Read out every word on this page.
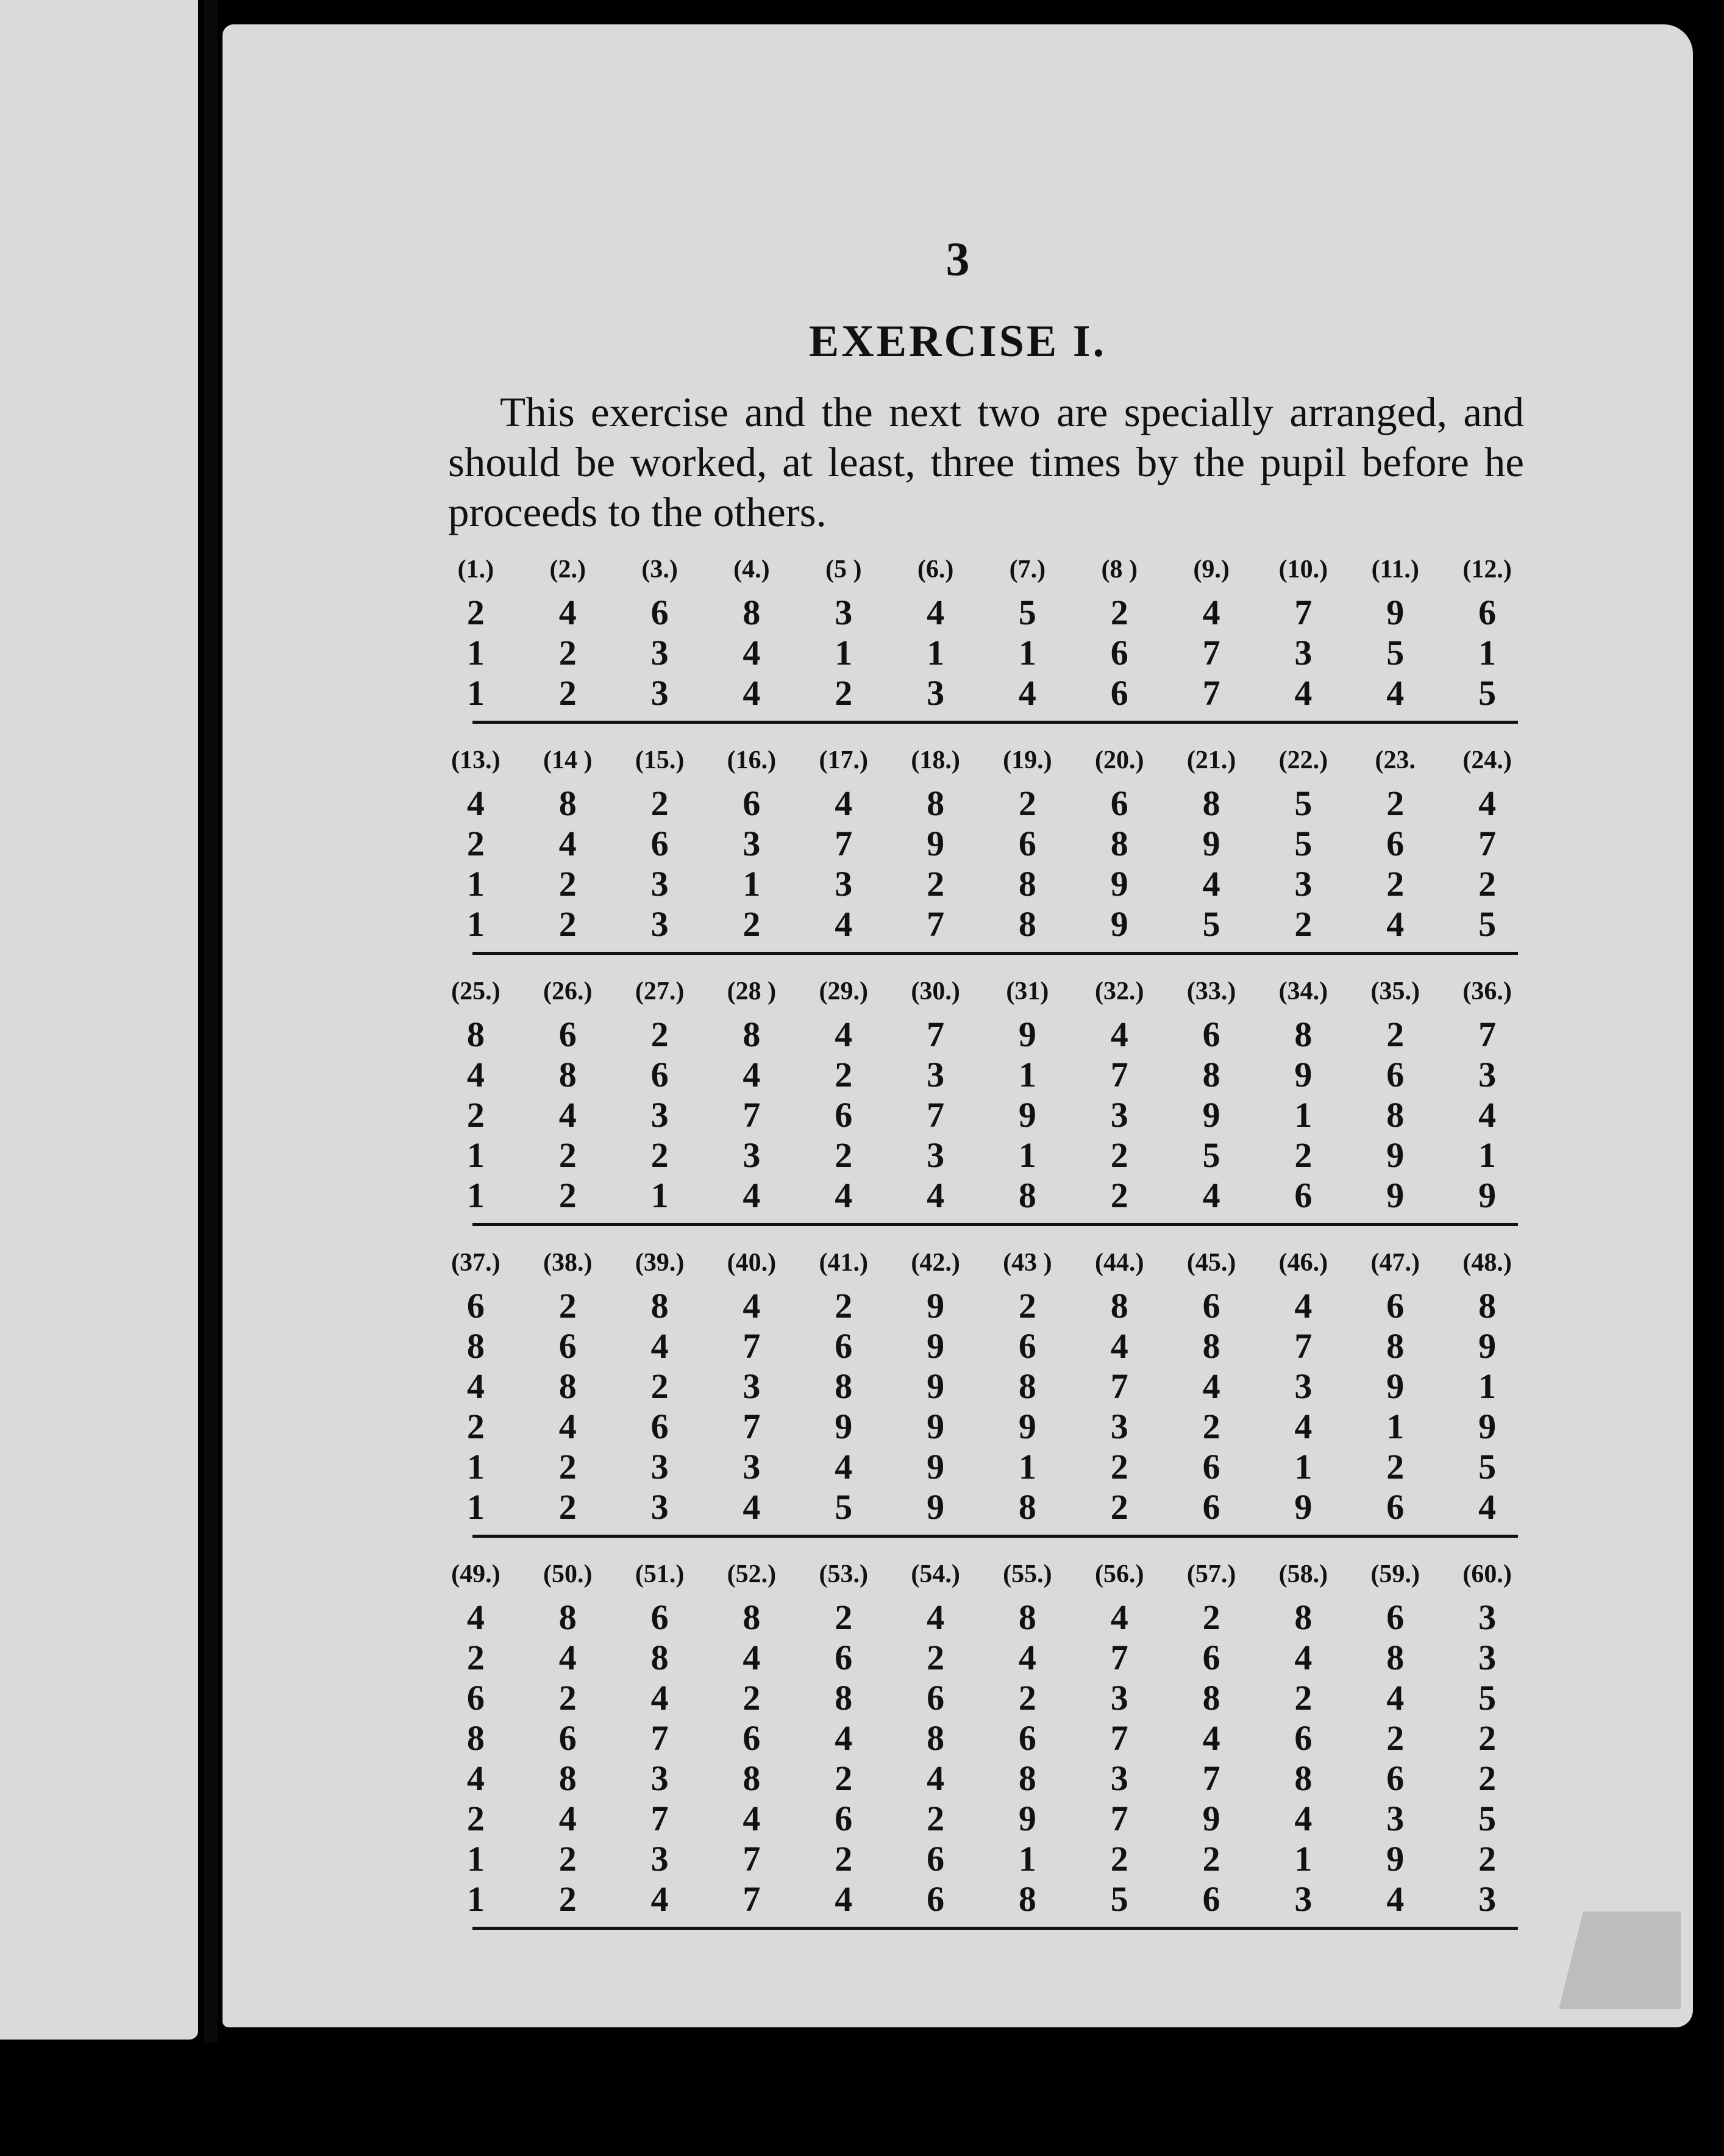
3
EXERCISE I.

This exercise and the next two are specially arranged, and should be worked, at least, three times by the pupil before he proceeds to the others.

(1.)	(2.)	(3.)	(4.)	(5 )	(6.)	(7.)	(8 )	(9.)	(10.)	(11.)	(12.)
2	4	6	8	3	4	5	2	4	7	9	6
1	2	3	4	1	1	1	6	7	3	5	1
1	2	3	4	2	3	4	6	7	4	4	5
(13.)	(14 )	(15.)	(16.)	(17.)	(18.)	(19.)	(20.)	(21.)	(22.)	(23.	(24.)
4	8	2	6	4	8	2	6	8	5	2	4
2	4	6	3	7	9	6	8	9	5	6	7
1	2	3	1	3	2	8	9	4	3	2	2
1	2	3	2	4	7	8	9	5	2	4	5
(25.)	(26.)	(27.)	(28 )	(29.)	(30.)	(31)	(32.)	(33.)	(34.)	(35.)	(36.)
8	6	2	8	4	7	9	4	6	8	2	7
4	8	6	4	2	3	1	7	8	9	6	3
2	4	3	7	6	7	9	3	9	1	8	4
1	2	2	3	2	3	1	2	5	2	9	1
1	2	1	4	4	4	8	2	4	6	9	9
(37.)	(38.)	(39.)	(40.)	(41.)	(42.)	(43 )	(44.)	(45.)	(46.)	(47.)	(48.)
6	2	8	4	2	9	2	8	6	4	6	8
8	6	4	7	6	9	6	4	8	7	8	9
4	8	2	3	8	9	8	7	4	3	9	1
2	4	6	7	9	9	9	3	2	4	1	9
1	2	3	3	4	9	1	2	6	1	2	5
1	2	3	4	5	9	8	2	6	9	6	4
(49.)	(50.)	(51.)	(52.)	(53.)	(54.)	(55.)	(56.)	(57.)	(58.)	(59.)	(60.)
4	8	6	8	2	4	8	4	2	8	6	3
2	4	8	4	6	2	4	7	6	4	8	3
6	2	4	2	8	6	2	3	8	2	4	5
8	6	7	6	4	8	6	7	4	6	2	2
4	8	3	8	2	4	8	3	7	8	6	2
2	4	7	4	6	2	9	7	9	4	3	5
1	2	3	7	2	6	1	2	2	1	9	2
1	2	4	7	4	6	8	5	6	3	4	3
